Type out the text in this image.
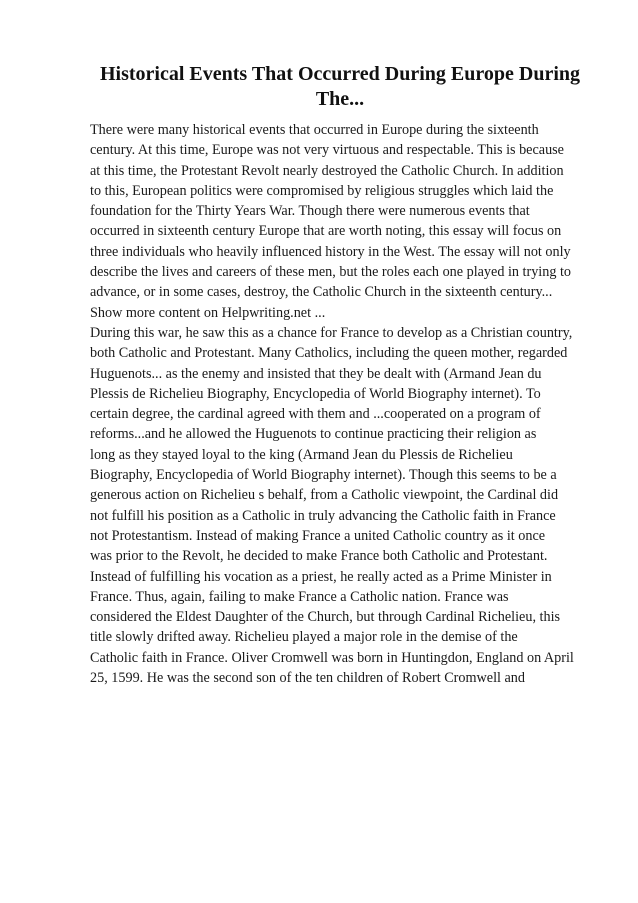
Historical Events That Occurred During Europe During
The...
There were many historical events that occurred in Europe during the sixteenth
century. At this time, Europe was not very virtuous and respectable. This is because
at this time, the Protestant Revolt nearly destroyed the Catholic Church. In addition
to this, European politics were compromised by religious struggles which laid the
foundation for the Thirty Years War. Though there were numerous events that
occurred in sixteenth century Europe that are worth noting, this essay will focus on
three individuals who heavily influenced history in the West. The essay will not only
describe the lives and careers of these men, but the roles each one played in trying to
advance, or in some cases, destroy, the Catholic Church in the sixteenth century...
Show more content on Helpwriting.net ...
During this war, he saw this as a chance for France to develop as a Christian country,
both Catholic and Protestant. Many Catholics, including the queen mother, regarded
Huguenots... as the enemy and insisted that they be dealt with (Armand Jean du
Plessis de Richelieu Biography, Encyclopedia of World Biography internet). To
certain degree, the cardinal agreed with them and ...cooperated on a program of
reforms...and he allowed the Huguenots to continue practicing their religion as
long as they stayed loyal to the king (Armand Jean du Plessis de Richelieu
Biography, Encyclopedia of World Biography internet). Though this seems to be a
generous action on Richelieu s behalf, from a Catholic viewpoint, the Cardinal did
not fulfill his position as a Catholic in truly advancing the Catholic faith in France
not Protestantism. Instead of making France a united Catholic country as it once
was prior to the Revolt, he decided to make France both Catholic and Protestant.
Instead of fulfilling his vocation as a priest, he really acted as a Prime Minister in
France. Thus, again, failing to make France a Catholic nation. France was
considered the Eldest Daughter of the Church, but through Cardinal Richelieu, this
title slowly drifted away. Richelieu played a major role in the demise of the
Catholic faith in France. Oliver Cromwell was born in Huntingdon, England on April
25, 1599. He was the second son of the ten children of Robert Cromwell and
